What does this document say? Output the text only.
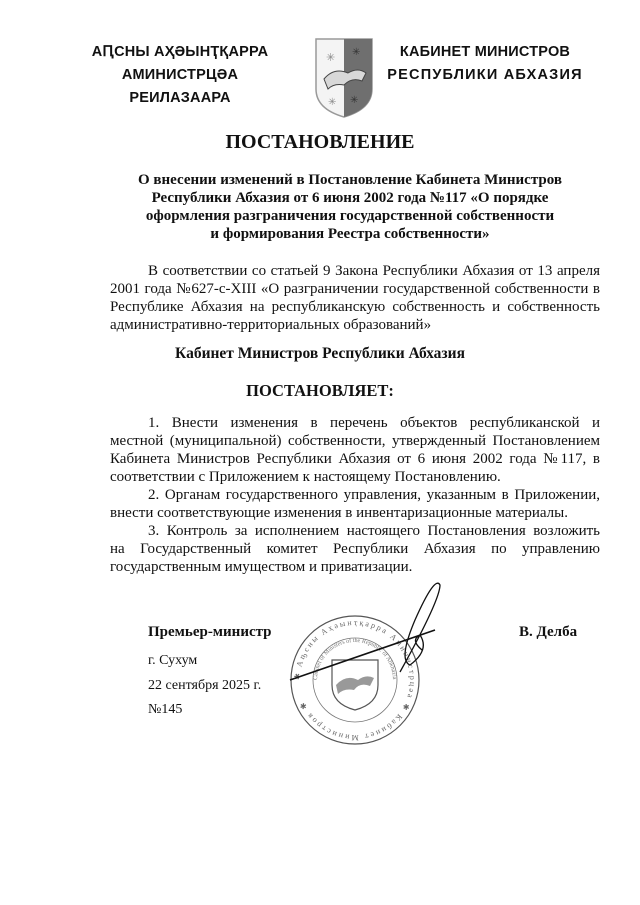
АԤСНЫ АҲӘЫНҬҚАРРА
АМИНИСТРЦӘА РЕИЛАЗААРА
✳ ✳
✳ ✳
КАБИНЕТ МИНИСТРОВ
РЕСПУБЛИКИ АБХАЗИЯ
ПОСТАНОВЛЕНИЕ
О внесении изменений в Постановление Кабинета Министров
Республики Абхазия от 6 июня 2002 года №117 «О порядке
оформления разграничения государственной собственности
и формирования Реестра собственности»
В соответствии со статьей 9 Закона Республики Абхазия от 13 апреля
2001 года №627-с-XIII «О разграничении государственной собственности в
Республике Абхазия на республиканскую собственность и собственность
административно-территориальных образований»
Кабинет Министров Республики Абхазия
ПОСТАНОВЛЯЕТ:
1. Внести изменения в перечень объектов республиканской и
местной (муниципальной) собственности, утвержденный Постановлением
Кабинета Министров Республики Абхазия от 6 июня 2002 года №117, в
соответствии с Приложением к настоящему Постановлению.
2. Органам государственного управления, указанным в Приложении,
внести соответствующие изменения в инвентаризационные материалы.
3. Контроль за исполнением настоящего Постановления возложить
на Государственный комитет Республики Абхазия по управлению
государственным имуществом и приватизации.
Премьер-министр	В. Делба
г. Сухум
22 сентября 2025 г.
№145
✱ Аҧсны Аҳәынҭқарра Аминистрцәа ✱ Кабинет Министров ✱
Cabinet of Ministers of the Republic of Abkhazia
